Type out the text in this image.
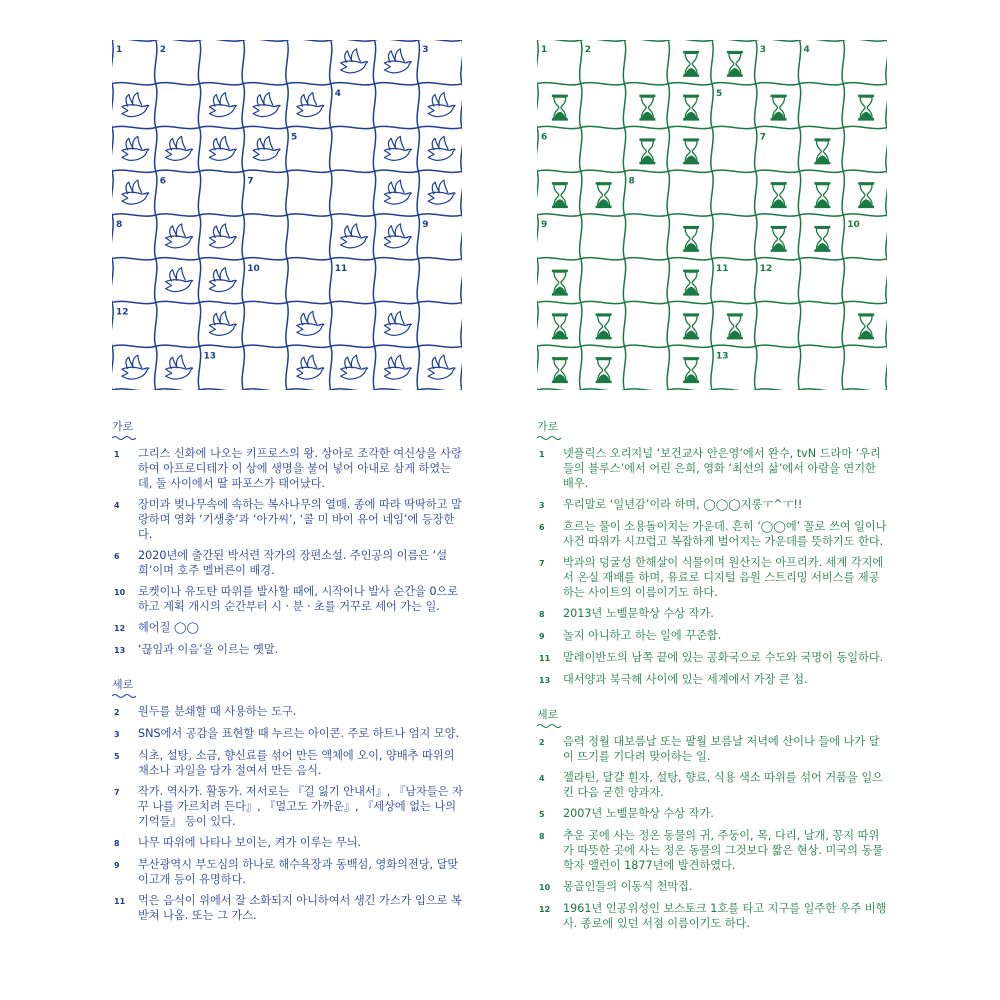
1	2	3
4
5
6	7
8	9
10	11
12
13
가로
1	그리스 신화에 나오는 키프로스의 왕. 상아로 조각한 여신상을 사랑하여 아프로디테가 이 상에 생명을 불어 넣어 아내로 삼게 하였는데, 둘 사이에서 딸 파포스가 태어났다.
4	장미과 벚나무속에 속하는 복사나무의 열매. 종에 따라 딱딱하고 말랑하며 영화 ‘기생충’과 ‘아가씨’, ‘콜 미 바이 유어 네임’에 등장한다.
6	2020년에 출간된 박서련 작가의 장편소설. 주인공의 이름은 ‘설희’이며 호주 멜버른이 배경.
10	로켓이나 유도탄 따위를 발사할 때에, 시작이나 발사 순간을 0으로 하고 계획 개시의 순간부터 시 · 분 · 초를 거꾸로 세어 가는 일.
12	헤어질 ◯◯
13	‘끊임과 이음’을 이르는 옛말.
세로
2	원두를 분쇄할 때 사용하는 도구.
3	SNS에서 공감을 표현할 때 누르는 아이콘. 주로 하트나 엄지 모양.
5	식초, 설탕, 소금, 향신료를 섞어 만든 액체에 오이, 양배추 따위의 채소나 과일을 담가 절여서 만든 음식.
7	작가. 역사가. 활동가. 저서로는 『길 잃기 안내서』, 『남자들은 자꾸 나를 가르치려 든다』, 『멀고도 가까운』, 『세상에 없는 나의 기억들』 등이 있다.
8	나무 따위에 나타나 보이는, 켜가 이루는 무늬.
9	부산광역시 부도심의 하나로 해수욕장과 동백섬, 영화의전당, 달맞이고개 등이 유명하다.
11	먹은 음식이 위에서 잘 소화되지 아니하여서 생긴 가스가 입으로 복받쳐 나옴. 또는 그 가스.
1	2	3	4
5
6	7
8
9	10
11	12
13
가로
1	넷플릭스 오리지널 ‘보건교사 안은영’에서 완수, tvN 드라마 ‘우리들의 블루스’에서 어린 은희, 영화 ‘최선의 삶’에서 아람을 연기한 배우.
3	우리말로 ‘일년감’이라 하며, ◯◯◯지롱ㅜ^ㅜ!!
6	흐르는 물이 소용돌이치는 가운데. 흔히 ‘◯◯에’ 꼴로 쓰여 일이나 사건 따위가 시끄럽고 복잡하게 벌어지는 가운데를 뜻하기도 한다.
7	박과의 덩굴성 한해살이 식물이며 원산지는 아프리카. 세계 각지에서 온실 재배를 하며, 유료로 디지털 음원 스트리밍 서비스를 제공하는 사이트의 이름이기도 하다.
8	2013년 노벨문학상 수상 작가.
9	놀지 아니하고 하는 일에 꾸준함.
11	말레이반도의 남쪽 끝에 있는 공화국으로 수도와 국명이 동일하다.
13	대서양과 북극해 사이에 있는 세계에서 가장 큰 섬.
세로
2	음력 정월 대보름날 또는 팔월 보름날 저녁에 산이나 들에 나가 달이 뜨기를 기다려 맞이하는 일.
4	젤라틴, 달걀 흰자, 설탕, 향료, 식용 색소 따위를 섞어 거품을 일으킨 다음 굳힌 양과자.
5	2007년 노벨문학상 수상 작가.
8	추운 곳에 사는 정온 동물의 귀, 주둥이, 목, 다리, 날개, 꽁지 따위가 따뜻한 곳에 사는 정온 동물의 그것보다 짧은 현상. 미국의 동물학자 앨런이 1877년에 발견하였다.
10	몽골인들의 이동식 천막집.
12	1961년 인공위성인 보스토크 1호를 타고 지구를 일주한 우주 비행사. 종로에 있던 서점 이름이기도 하다.
